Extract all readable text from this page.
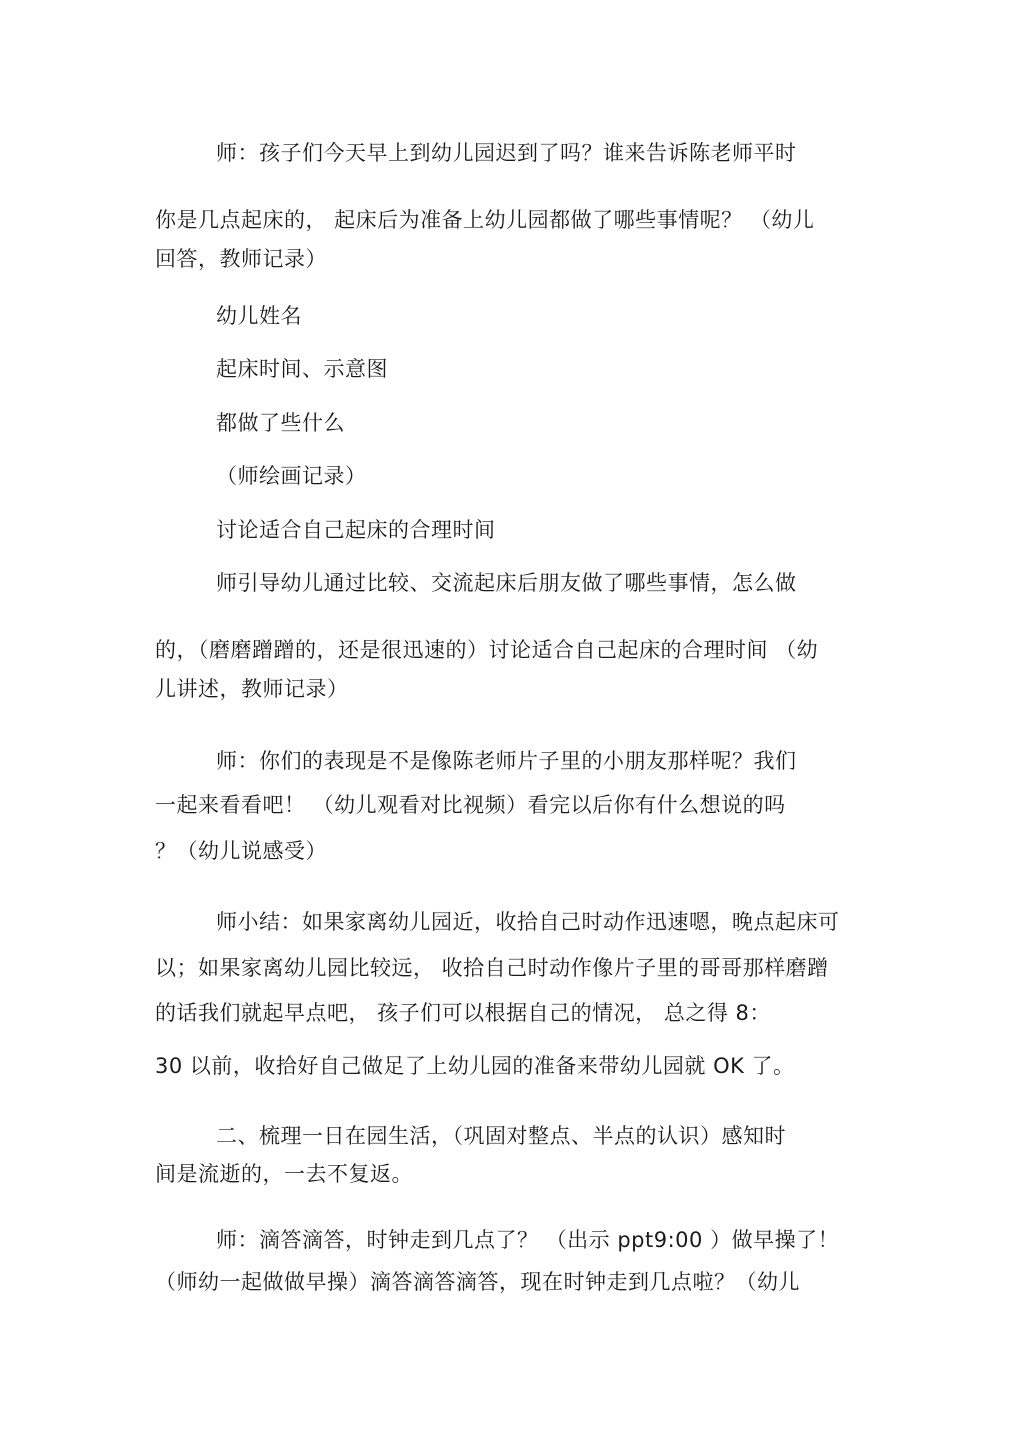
师：孩子们今天早上到幼儿园迟到了吗？谁来告诉陈老师平时
你是几点起床的， 起床后为准备上幼儿园都做了哪些事情呢？ （幼儿
回答，教师记录）
幼儿姓名
起床时间、示意图
都做了些什么
（师绘画记录）
讨论适合自己起床的合理时间
师引导幼儿通过比较、交流起床后朋友做了哪些事情，怎么做
的，（磨磨蹭蹭的，还是很迅速的）讨论适合自己起床的合理时间 （幼
儿讲述，教师记录）
师：你们的表现是不是像陈老师片子里的小朋友那样呢？我们
一起来看看吧！ （幼儿观看对比视频）看完以后你有什么想说的吗
？（幼儿说感受）
师小结：如果家离幼儿园近，收拾自己时动作迅速嗯，晚点起床可
以；如果家离幼儿园比较远， 收拾自己时动作像片子里的哥哥那样磨蹭
的话我们就起早点吧， 孩子们可以根据自己的情况， 总之得 8：
30 以前，收拾好自己做足了上幼儿园的准备来带幼儿园就 OK 了。
二、梳理一日在园生活，（巩固对整点、半点的认识）感知时
间是流逝的，一去不复返。
师：滴答滴答，时钟走到几点了？ （出示 ppt9:00 ）做早操了！
（师幼一起做做早操）滴答滴答滴答，现在时钟走到几点啦？（幼儿
